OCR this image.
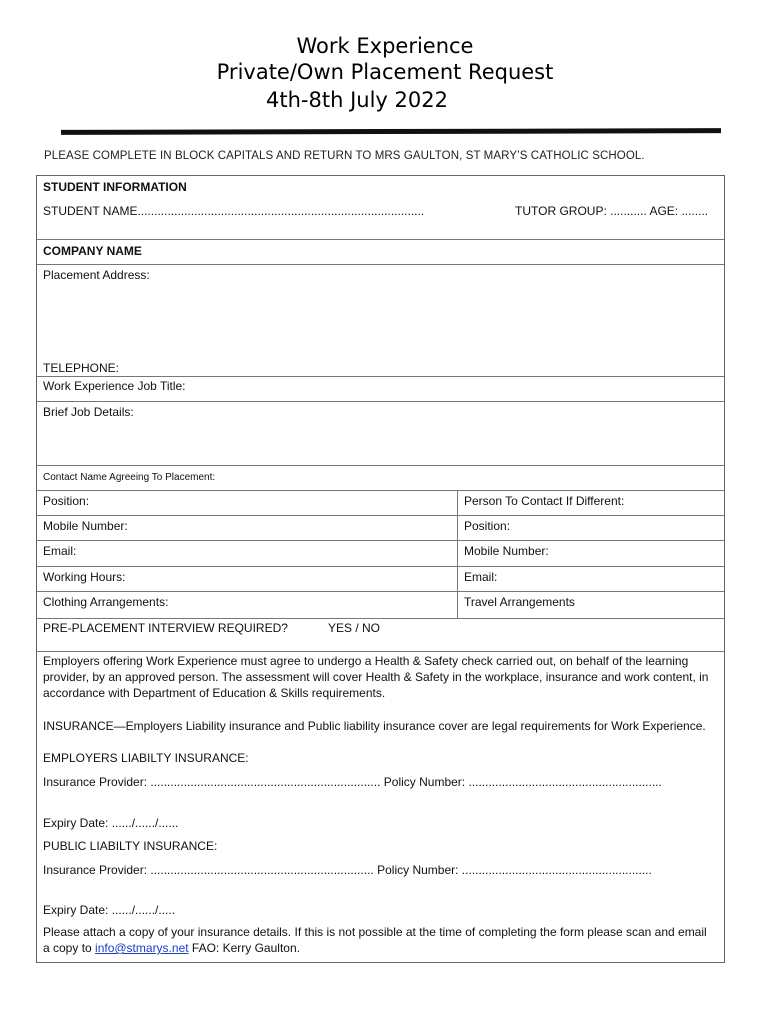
Work Experience
Private/Own Placement Request
4th-8th July 2022
PLEASE COMPLETE IN BLOCK CAPITALS AND RETURN TO MRS GAULTON, ST MARY’S CATHOLIC SCHOOL.
STUDENT INFORMATION
STUDENT NAME......................................................................................	TUTOR GROUP: ........... AGE: ........
COMPANY NAME
Placement Address:
TELEPHONE:
Work Experience Job Title:
Brief Job Details:
Contact Name Agreeing To Placement:
Position:	Person To Contact If Different:
Mobile Number:	Position:
Email:	Mobile Number:
Working Hours:	Email:
Clothing Arrangements:	Travel Arrangements
PRE-PLACEMENT INTERVIEW REQUIRED?	YES / NO
Employers offering Work Experience must agree to undergo a Health & Safety check carried out, on behalf of the learning provider, by an approved person. The assessment will cover Health & Safety in the workplace, insurance and work content, in accordance with Department of Education & Skills requirements.
INSURANCE—Employers Liability insurance and Public liability insurance cover are legal requirements for Work Experience.
EMPLOYERS LIABILTY INSURANCE:
Insurance Provider: ..................................................................... Policy Number: ..........................................................
Expiry Date: ....../....../......
PUBLIC LIABILTY INSURANCE:
Insurance Provider: ................................................................... Policy Number: .........................................................
Expiry Date: ....../....../.....
Please attach a copy of your insurance details. If this is not possible at the time of completing the form please scan and email a copy to info@stmarys.net FAO: Kerry Gaulton.
